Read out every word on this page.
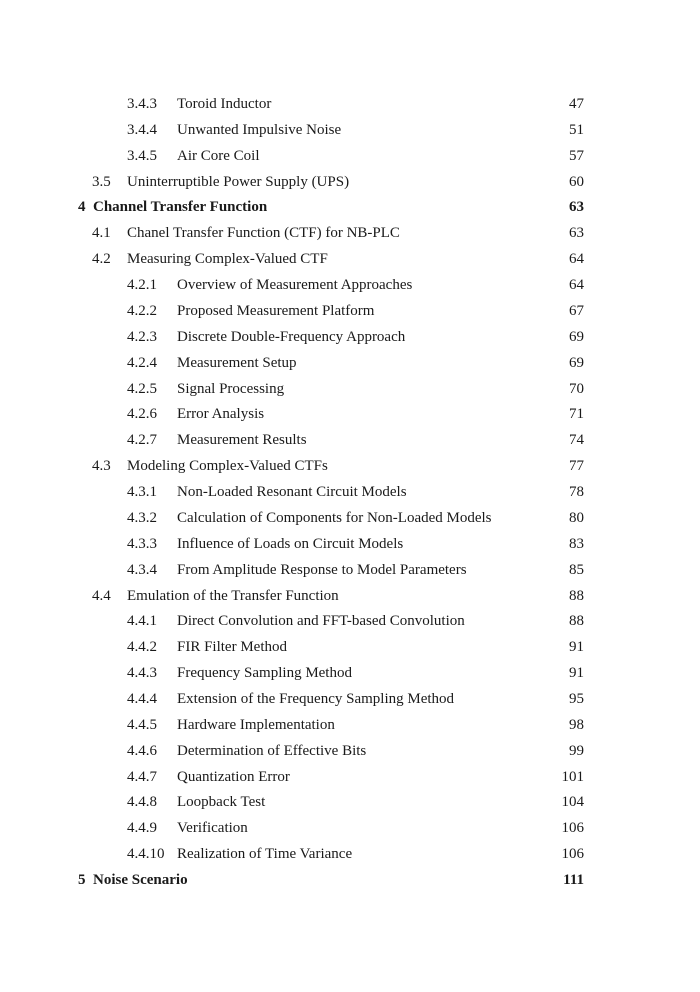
3.4.3 Toroid Inductor	47
3.4.4 Unwanted Impulsive Noise	51
3.4.5 Air Core Coil	57
3.5 Uninterruptible Power Supply (UPS)	60
4 Channel Transfer Function	63
4.1 Chanel Transfer Function (CTF) for NB-PLC	63
4.2 Measuring Complex-Valued CTF	64
4.2.1 Overview of Measurement Approaches	64
4.2.2 Proposed Measurement Platform	67
4.2.3 Discrete Double-Frequency Approach	69
4.2.4 Measurement Setup	69
4.2.5 Signal Processing	70
4.2.6 Error Analysis	71
4.2.7 Measurement Results	74
4.3 Modeling Complex-Valued CTFs	77
4.3.1 Non-Loaded Resonant Circuit Models	78
4.3.2 Calculation of Components for Non-Loaded Models	80
4.3.3 Influence of Loads on Circuit Models	83
4.3.4 From Amplitude Response to Model Parameters	85
4.4 Emulation of the Transfer Function	88
4.4.1 Direct Convolution and FFT-based Convolution	88
4.4.2 FIR Filter Method	91
4.4.3 Frequency Sampling Method	91
4.4.4 Extension of the Frequency Sampling Method	95
4.4.5 Hardware Implementation	98
4.4.6 Determination of Effective Bits	99
4.4.7 Quantization Error	101
4.4.8 Loopback Test	104
4.4.9 Verification	106
4.4.10 Realization of Time Variance	106
5 Noise Scenario	111
